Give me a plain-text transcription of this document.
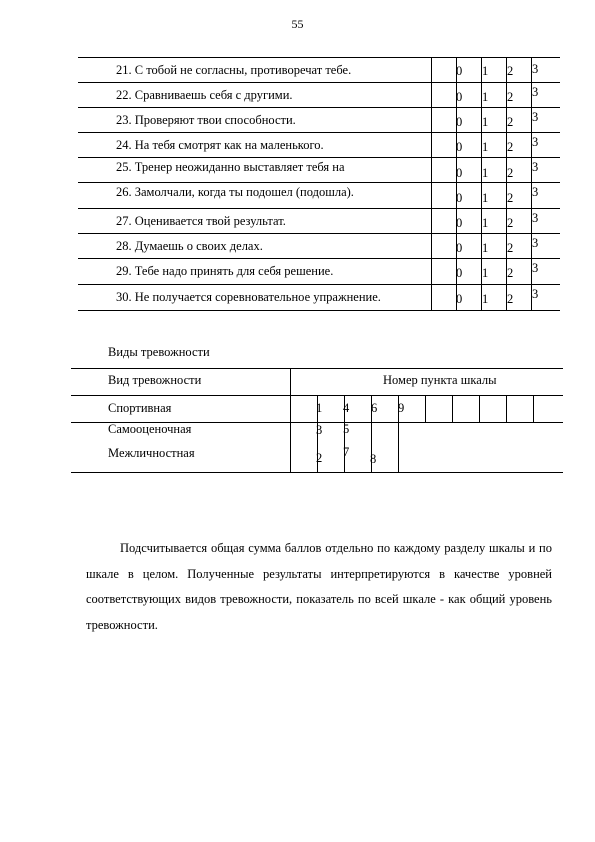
55
21. С тобой не согласны, противоречат тебе.	0 1 2 3
22. Сравниваешь себя с другими.	0 1 2 3
23. Проверяют твои способности.	0 1 2 3
24. На тебя смотрят как на маленького.	0 1 2 3
25. Тренер неожиданно выставляет тебя на	0 1 2 3
26. Замолчали, когда ты подошел (подошла).	0 1 2 3
27. Оценивается твой результат.	0 1 2 3
28. Думаешь о своих делах.	0 1 2 3
29. Тебе надо принять для себя решение.	0 1 2 3
30. Не получается соревновательное упражнение.	0 1 2 3
Виды тревожности
Вид тревожности	Номер пункта шкалы
Спортивная	1 4 6 9
Самооценочная	3 5
Межличностная	2 7 8

Подсчитывается общая сумма баллов отдельно по каждому разделу шкалы и по шкале в целом. Полученные результаты интерпретируются в качестве уровней соответствующих видов тревожности, показатель по всей шкале - как общий уровень тревожности.
